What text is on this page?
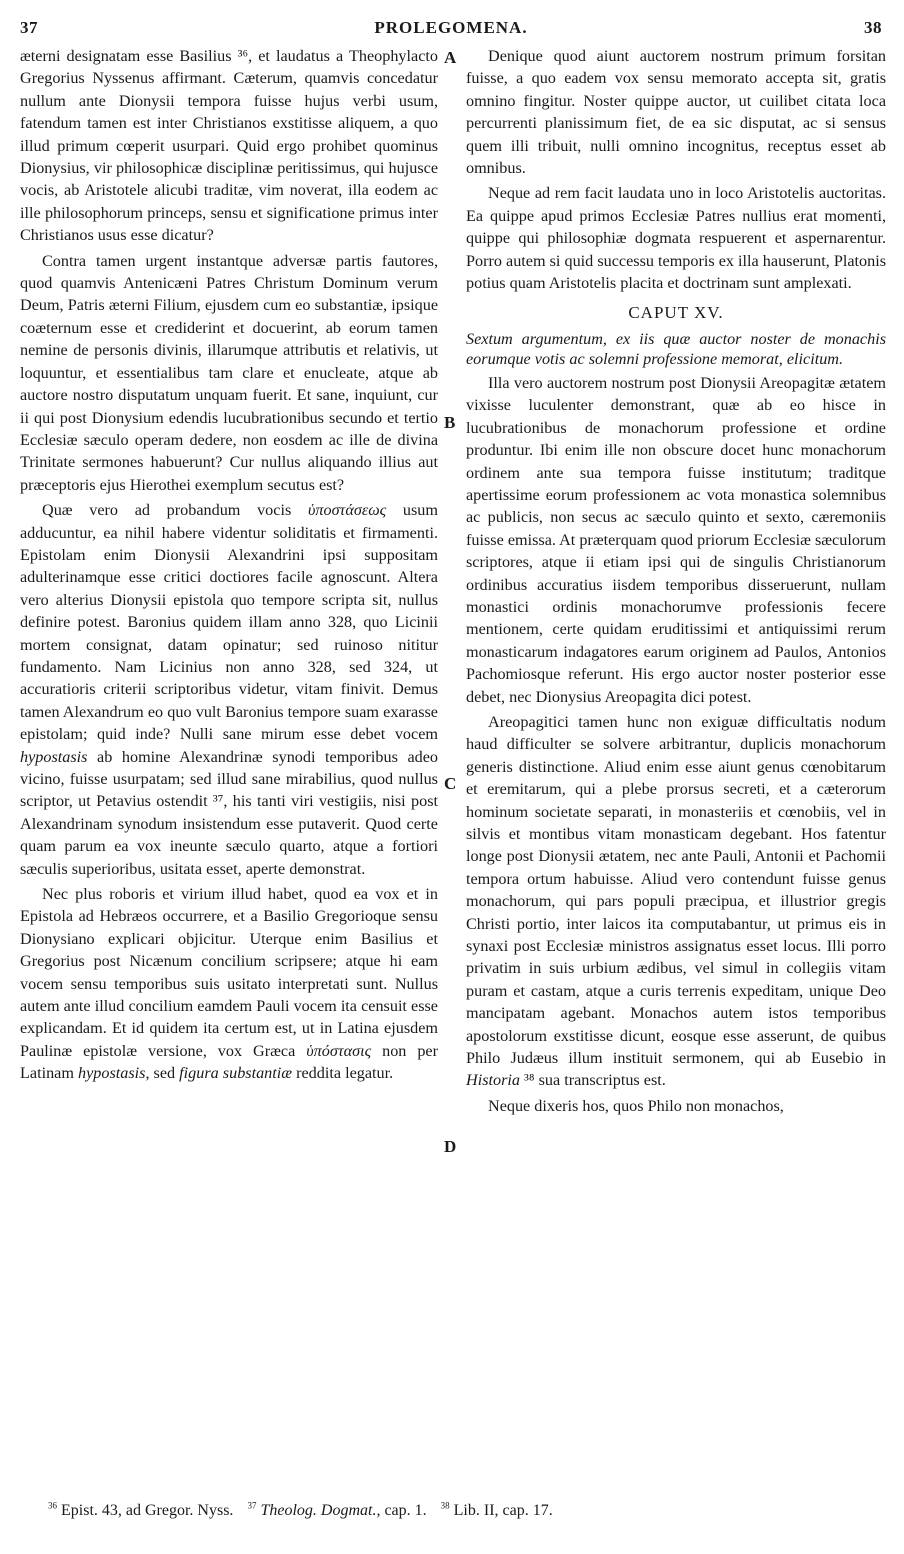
37	PROLEGOMENA.	38
A
B
C
D

æterni designatam esse Basilius ³⁶, et laudatus a Theophylacto Gregorius Nyssenus affirmant. Cæterum, quamvis concedatur nullum ante Dionysii tempora fuisse hujus verbi usum, fatendum tamen est inter Christianos exstitisse aliquem, a quo illud primum cœperit usurpari. Quid ergo prohibet quominus Dionysius, vir philosophicæ disciplinæ peritissimus, qui hujusce vocis, ab Aristotele alicubi traditæ, vim noverat, illa eodem ac ille philosophorum princeps, sensu et significatione primus inter Christianos usus esse dicatur?

Contra tamen urgent instantque adversæ partis fautores, quod quamvis Antenicæni Patres Christum Dominum verum Deum, Patris æterni Filium, ejusdem cum eo substantiæ, ipsique coæternum esse et crediderint et docuerint, ab eorum tamen nemine de personis divinis, illarumque attributis et relativis, ut loquuntur, et essentialibus tam clare et enucleate, atque ab auctore nostro disputatum unquam fuerit. Et sane, inquiunt, cur ii qui post Dionysium edendis lucubrationibus secundo et tertio Ecclesiæ sæculo operam dedere, non eosdem ac ille de divina Trinitate sermones habuerunt? Cur nullus aliquando illius aut præceptoris ejus Hierothei exemplum secutus est?

Quæ vero ad probandum vocis ὑποστάσεως usum adducuntur, ea nihil habere videntur soliditatis et firmamenti. Epistolam enim Dionysii Alexandrini ipsi suppositam adulterinamque esse critici doctiores facile agnoscunt. Altera vero alterius Dionysii epistola quo tempore scripta sit, nullus definire potest. Baronius quidem illam anno 328, quo Licinii mortem consignat, datam opinatur; sed ruinoso nititur fundamento. Nam Licinius non anno 328, sed 324, ut accuratioris criterii scriptoribus videtur, vitam finivit. Demus tamen Alexandrum eo quo vult Baronius tempore suam exarasse epistolam; quid inde? Nulli sane mirum esse debet vocem hypostasis ab homine Alexandrinæ synodi temporibus adeo vicino, fuisse usurpatam; sed illud sane mirabilius, quod nullus scriptor, ut Petavius ostendit ³⁷, his tanti viri vestigiis, nisi post Alexandrinam synodum insistendum esse putaverit. Quod certe quam parum ea vox ineunte sæculo quarto, atque a fortiori sæculis superioribus, usitata esset, aperte demonstrat.

Nec plus roboris et virium illud habet, quod ea vox et in Epistola ad Hebræos occurrere, et a Basilio Gregorioque sensu Dionysiano explicari objicitur. Uterque enim Basilius et Gregorius post Nicænum concilium scripsere; atque hi eam vocem sensu temporibus suis usitato interpretati sunt. Nullus autem ante illud concilium eamdem Pauli vocem ita censuit esse explicandam. Et id quidem ita certum est, ut in Latina ejusdem Paulinæ epistolæ versione, vox Græca ὑπόστασις non per Latinam hypostasis, sed figura substantiæ reddita legatur.

Denique quod aiunt auctorem nostrum primum forsitan fuisse, a quo eadem vox sensu memorato accepta sit, gratis omnino fingitur. Noster quippe auctor, ut cuilibet citata loca percurrenti planissimum fiet, de ea sic disputat, ac si sensus quem illi tribuit, nulli omnino incognitus, receptus esset ab omnibus.

Neque ad rem facit laudata uno in loco Aristotelis auctoritas. Ea quippe apud primos Ecclesiæ Patres nullius erat momenti, quippe qui philosophiæ dogmata respuerent et aspernarentur. Porro autem si quid successu temporis ex illa hauserunt, Platonis potius quam Aristotelis placita et doctrinam sunt amplexati.

CAPUT XV.

Sextum argumentum, ex iis quæ auctor noster de monachis eorumque votis ac solemni professione memorat, elicitum.

Illa vero auctorem nostrum post Dionysii Areopagitæ ætatem vixisse luculenter demonstrant, quæ ab eo hisce in lucubrationibus de monachorum professione et ordine produntur. Ibi enim ille non obscure docet hunc monachorum ordinem ante sua tempora fuisse institutum; traditque apertissime eorum professionem ac vota monastica solemnibus ac publicis, non secus ac sæculo quinto et sexto, cæremoniis fuisse emissa. At præterquam quod priorum Ecclesiæ sæculorum scriptores, atque ii etiam ipsi qui de singulis Christianorum ordinibus accuratius iisdem temporibus disseruerunt, nullam monastici ordinis monachorumve professionis fecere mentionem, certe quidam eruditissimi et antiquissimi rerum monasticarum indagatores earum originem ad Paulos, Antonios Pachomiosque referunt. His ergo auctor noster posterior esse debet, nec Dionysius Areopagita dici potest.

Areopagitici tamen hunc non exiguæ difficultatis nodum haud difficulter se solvere arbitrantur, duplicis monachorum generis distinctione. Aliud enim esse aiunt genus cœnobitarum et eremitarum, qui a plebe prorsus secreti, et a cæterorum hominum societate separati, in monasteriis et cœnobiis, vel in silvis et montibus vitam monasticam degebant. Hos fatentur longe post Dionysii ætatem, nec ante Pauli, Antonii et Pachomii tempora ortum habuisse. Aliud vero contendunt fuisse genus monachorum, qui pars populi præcipua, et illustrior gregis Christi portio, inter laicos ita computabantur, ut primus eis in synaxi post Ecclesiæ ministros assignatus esset locus. Illi porro privatim in suis urbium ædibus, vel simul in collegiis vitam puram et castam, atque a curis terrenis expeditam, unique Deo mancipatam agebant. Monachos autem istos temporibus apostolorum exstitisse dicunt, eosque esse asserunt, de quibus Philo Judæus illum instituit sermonem, qui ab Eusebio in Historia ³⁸ sua transcriptus est.

Neque dixeris hos, quos Philo non monachos,

$^{36}$ Epist. 43, ad Gregor. Nyss. $^{37}$ Theolog. Dogmat., cap. 1. $^{38}$ Lib. II, cap. 17.
